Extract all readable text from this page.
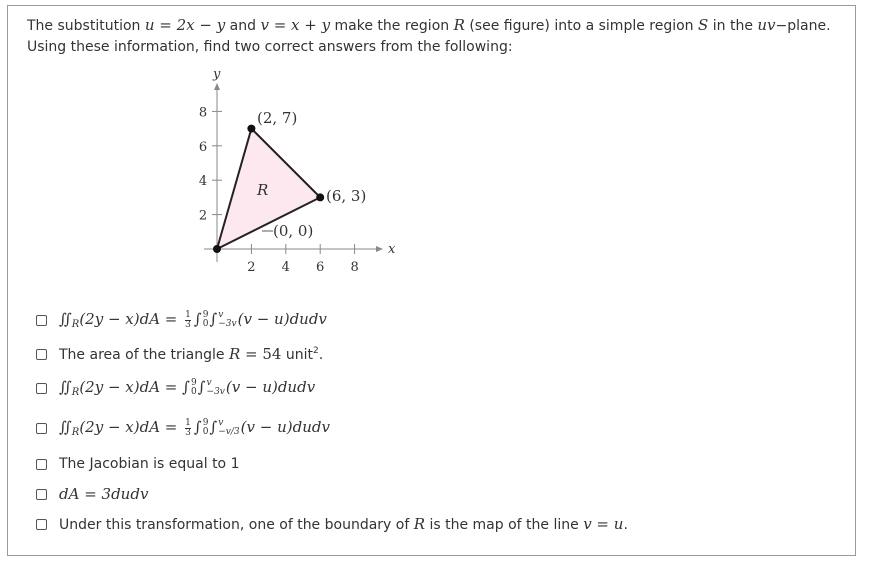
The substitution u = 2x − y and v = x + y make the region R (see figure) into a simple region S in the uv−plane.
Using these information, find two correct answers from the following:
2 4 6 8
2
4
6
8
x
y
R
(2, 7)
(6, 3)
(0, 0)
$∬_R(2y - x)dA = \frac{1}{3}$ ∫ 9
0 ∫ v
−3v (v − u)dudv
The area of the triangle R = 54 unit$^2$.
$∬_R(2y - x)dA$ = ∫ 9
0 ∫ v
−3v (v − u)dudv
$∬_R(2y - x)dA = \frac{1}{3}$ ∫ 9
0 ∫ v
−v/3 (v − u)dudv
The Jacobian is equal to 1
dA = 3dudv
Under this transformation, one of the boundary of R is the map of the line v = u.
